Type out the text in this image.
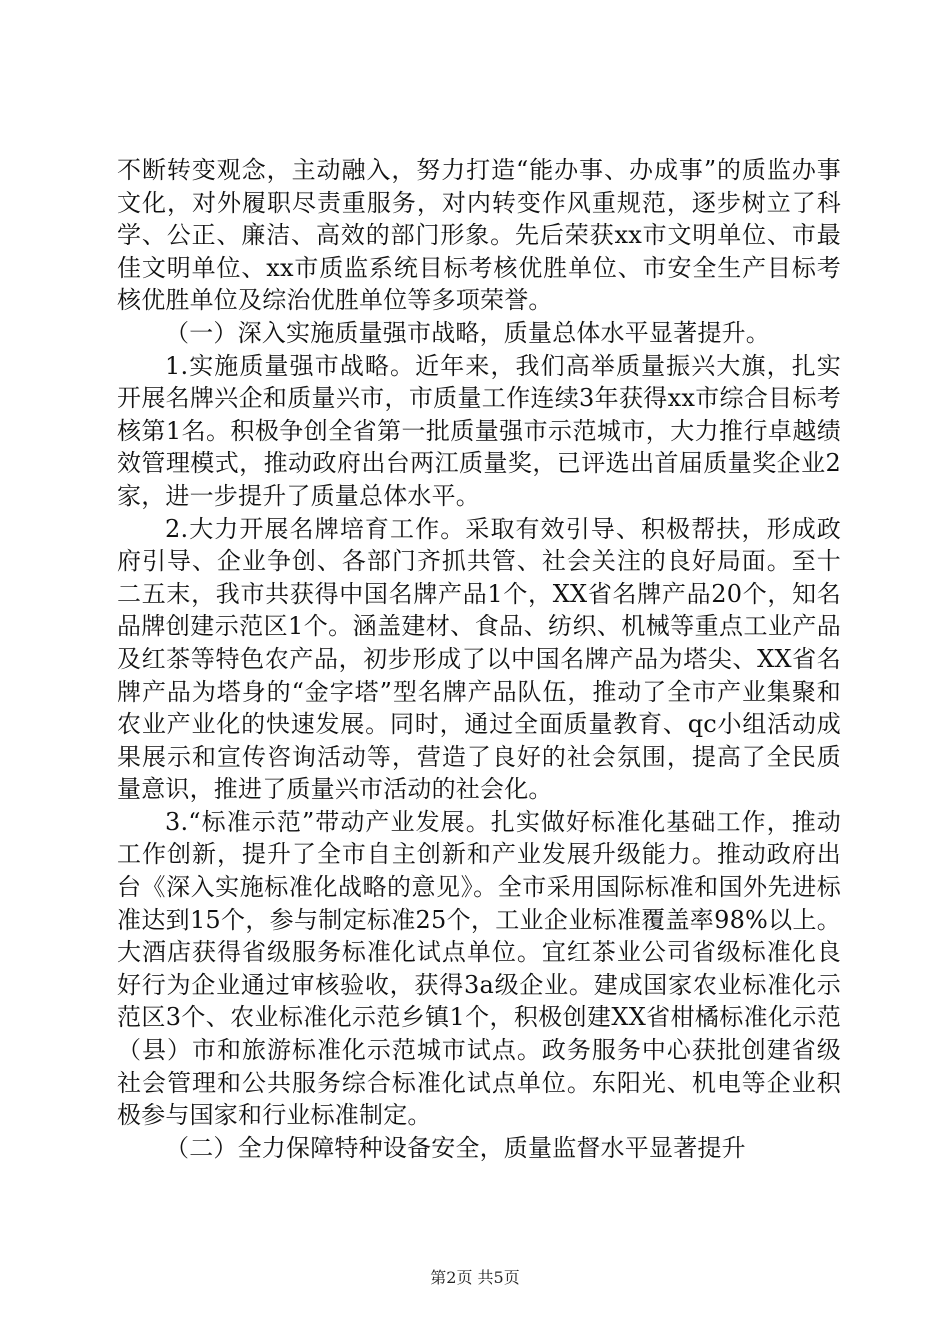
不断转变观念，主动融入，努力打造“能办事、办成事”的质监办事文化，对外履职尽责重服务，对内转变作风重规范，逐步树立了科学、公正、廉洁、高效的部门形象。先后荣获xx市文明单位、市最佳文明单位、xx市质监系统目标考核优胜单位、市安全生产目标考核优胜单位及综治优胜单位等多项荣誉。

（一）深入实施质量强市战略，质量总体水平显著提升。

1.实施质量强市战略。近年来，我们高举质量振兴大旗，扎实开展名牌兴企和质量兴市，市质量工作连续3年获得xx市综合目标考核第1名。积极争创全省第一批质量强市示范城市，大力推行卓越绩效管理模式，推动政府出台两江质量奖，已评选出首届质量奖企业2家，进一步提升了质量总体水平。

2.大力开展名牌培育工作。采取有效引导、积极帮扶，形成政府引导、企业争创、各部门齐抓共管、社会关注的良好局面。至十二五末，我市共获得中国名牌产品1个，XX省名牌产品20个，知名品牌创建示范区1个。涵盖建材、食品、纺织、机械等重点工业产品及红茶等特色农产品，初步形成了以中国名牌产品为塔尖、XX省名牌产品为塔身的“金字塔”型名牌产品队伍，推动了全市产业集聚和农业产业化的快速发展。同时，通过全面质量教育、qc小组活动成果展示和宣传咨询活动等，营造了良好的社会氛围，提高了全民质量意识，推进了质量兴市活动的社会化。

3.“标准示范”带动产业发展。扎实做好标准化基础工作，推动工作创新，提升了全市自主创新和产业发展升级能力。推动政府出台《深入实施标准化战略的意见》。全市采用国际标准和国外先进标准达到15个，参与制定标准25个，工业企业标准覆盖率98%以上。大酒店获得省级服务标准化试点单位。宜红茶业公司省级标准化良好行为企业通过审核验收，获得3a级企业。建成国家农业标准化示范区3个、农业标准化示范乡镇1个，积极创建XX省柑橘标准化示范（县）市和旅游标准化示范城市试点。政务服务中心获批创建省级社会管理和公共服务综合标准化试点单位。东阳光、机电等企业积极参与国家和行业标准制定。

（二）全力保障特种设备安全，质量监督水平显著提升

第2页 共5页
